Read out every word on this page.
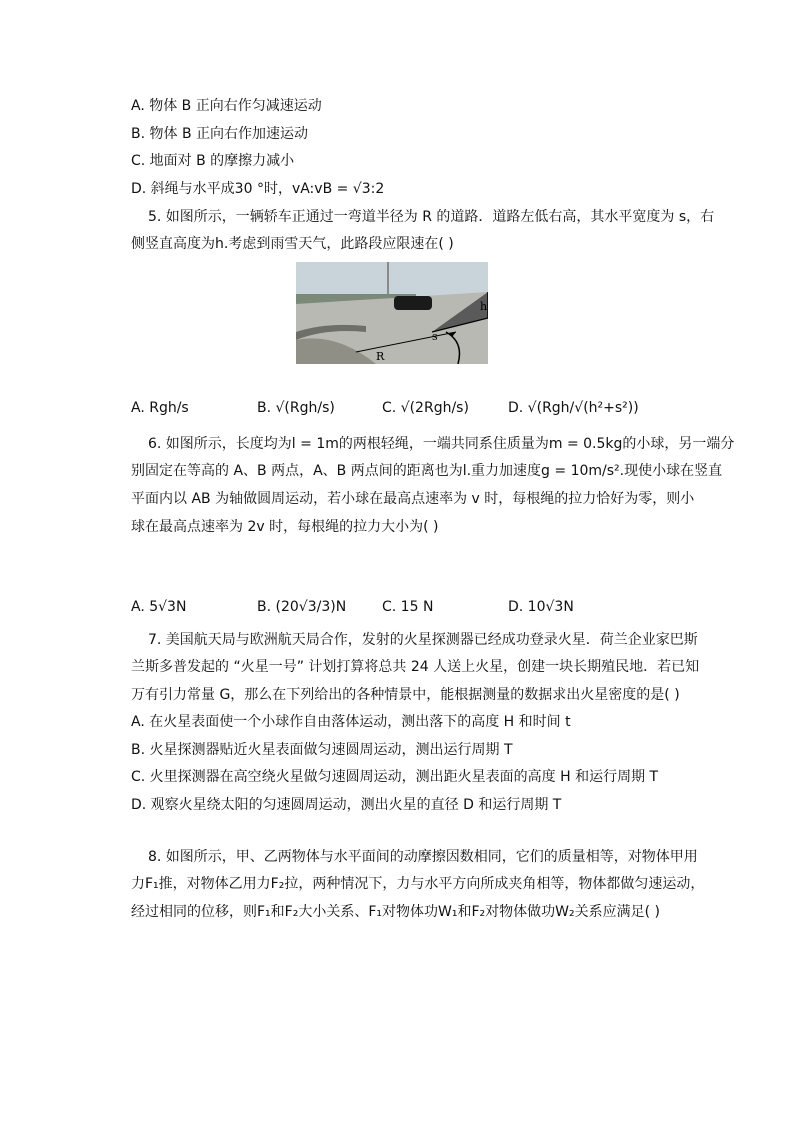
A. 物体 B 正向右作匀减速运动
B. 物体 B 正向右作加速运动
C. 地面对 B 的摩擦力减小
D. 斜绳与水平成30 °时，vA:vB = √3:2
5. 如图所示，一辆轿车正通过一弯道半径为 R 的道路．道路左低右高，其水平宽度为 s，右
侧竖直高度为h.考虑到雨雪天气，此路段应限速在( )
h
s
R
A. Rgh/s	B. √(Rgh/s)	C. √(2Rgh/s)	D. √(Rgh/√(h²+s²))
6. 如图所示，长度均为l = 1m的两根轻绳，一端共同系住质量为m = 0.5kg的小球，另一端分
别固定在等高的 A、B 两点，A、B 两点间的距离也为l.重力加速度g = 10m/s².现使小球在竖直
平面内以 AB 为轴做圆周运动，若小球在最高点速率为 v 时，每根绳的拉力恰好为零，则小
球在最高点速率为 2v 时，每根绳的拉力大小为( )
A. 5√3N	B. (20√3/3)N	C. 15 N	D. 10√3N
7. 美国航天局与欧洲航天局合作，发射的火星探测器已经成功登录火星．荷兰企业家巴斯
兰斯多普发起的 “火星一号” 计划打算将总共 24 人送上火星，创建一块长期殖民地．若已知
万有引力常量 G，那么在下列给出的各种情景中，能根据测量的数据求出火星密度的是( )
A. 在火星表面使一个小球作自由落体运动，测出落下的高度 H 和时间 t
B. 火星探测器贴近火星表面做匀速圆周运动，测出运行周期 T
C. 火里探测器在高空绕火星做匀速圆周运动，测出距火星表面的高度 H 和运行周期 T
D. 观察火星绕太阳的匀速圆周运动，测出火星的直径 D 和运行周期 T
8. 如图所示，甲、乙两物体与水平面间的动摩擦因数相同，它们的质量相等，对物体甲用
力F₁推，对物体乙用力F₂拉，两种情况下，力与水平方向所成夹角相等，物体都做匀速运动，
经过相同的位移，则F₁和F₂大小关系、F₁对物体功W₁和F₂对物体做功W₂关系应满足( )
